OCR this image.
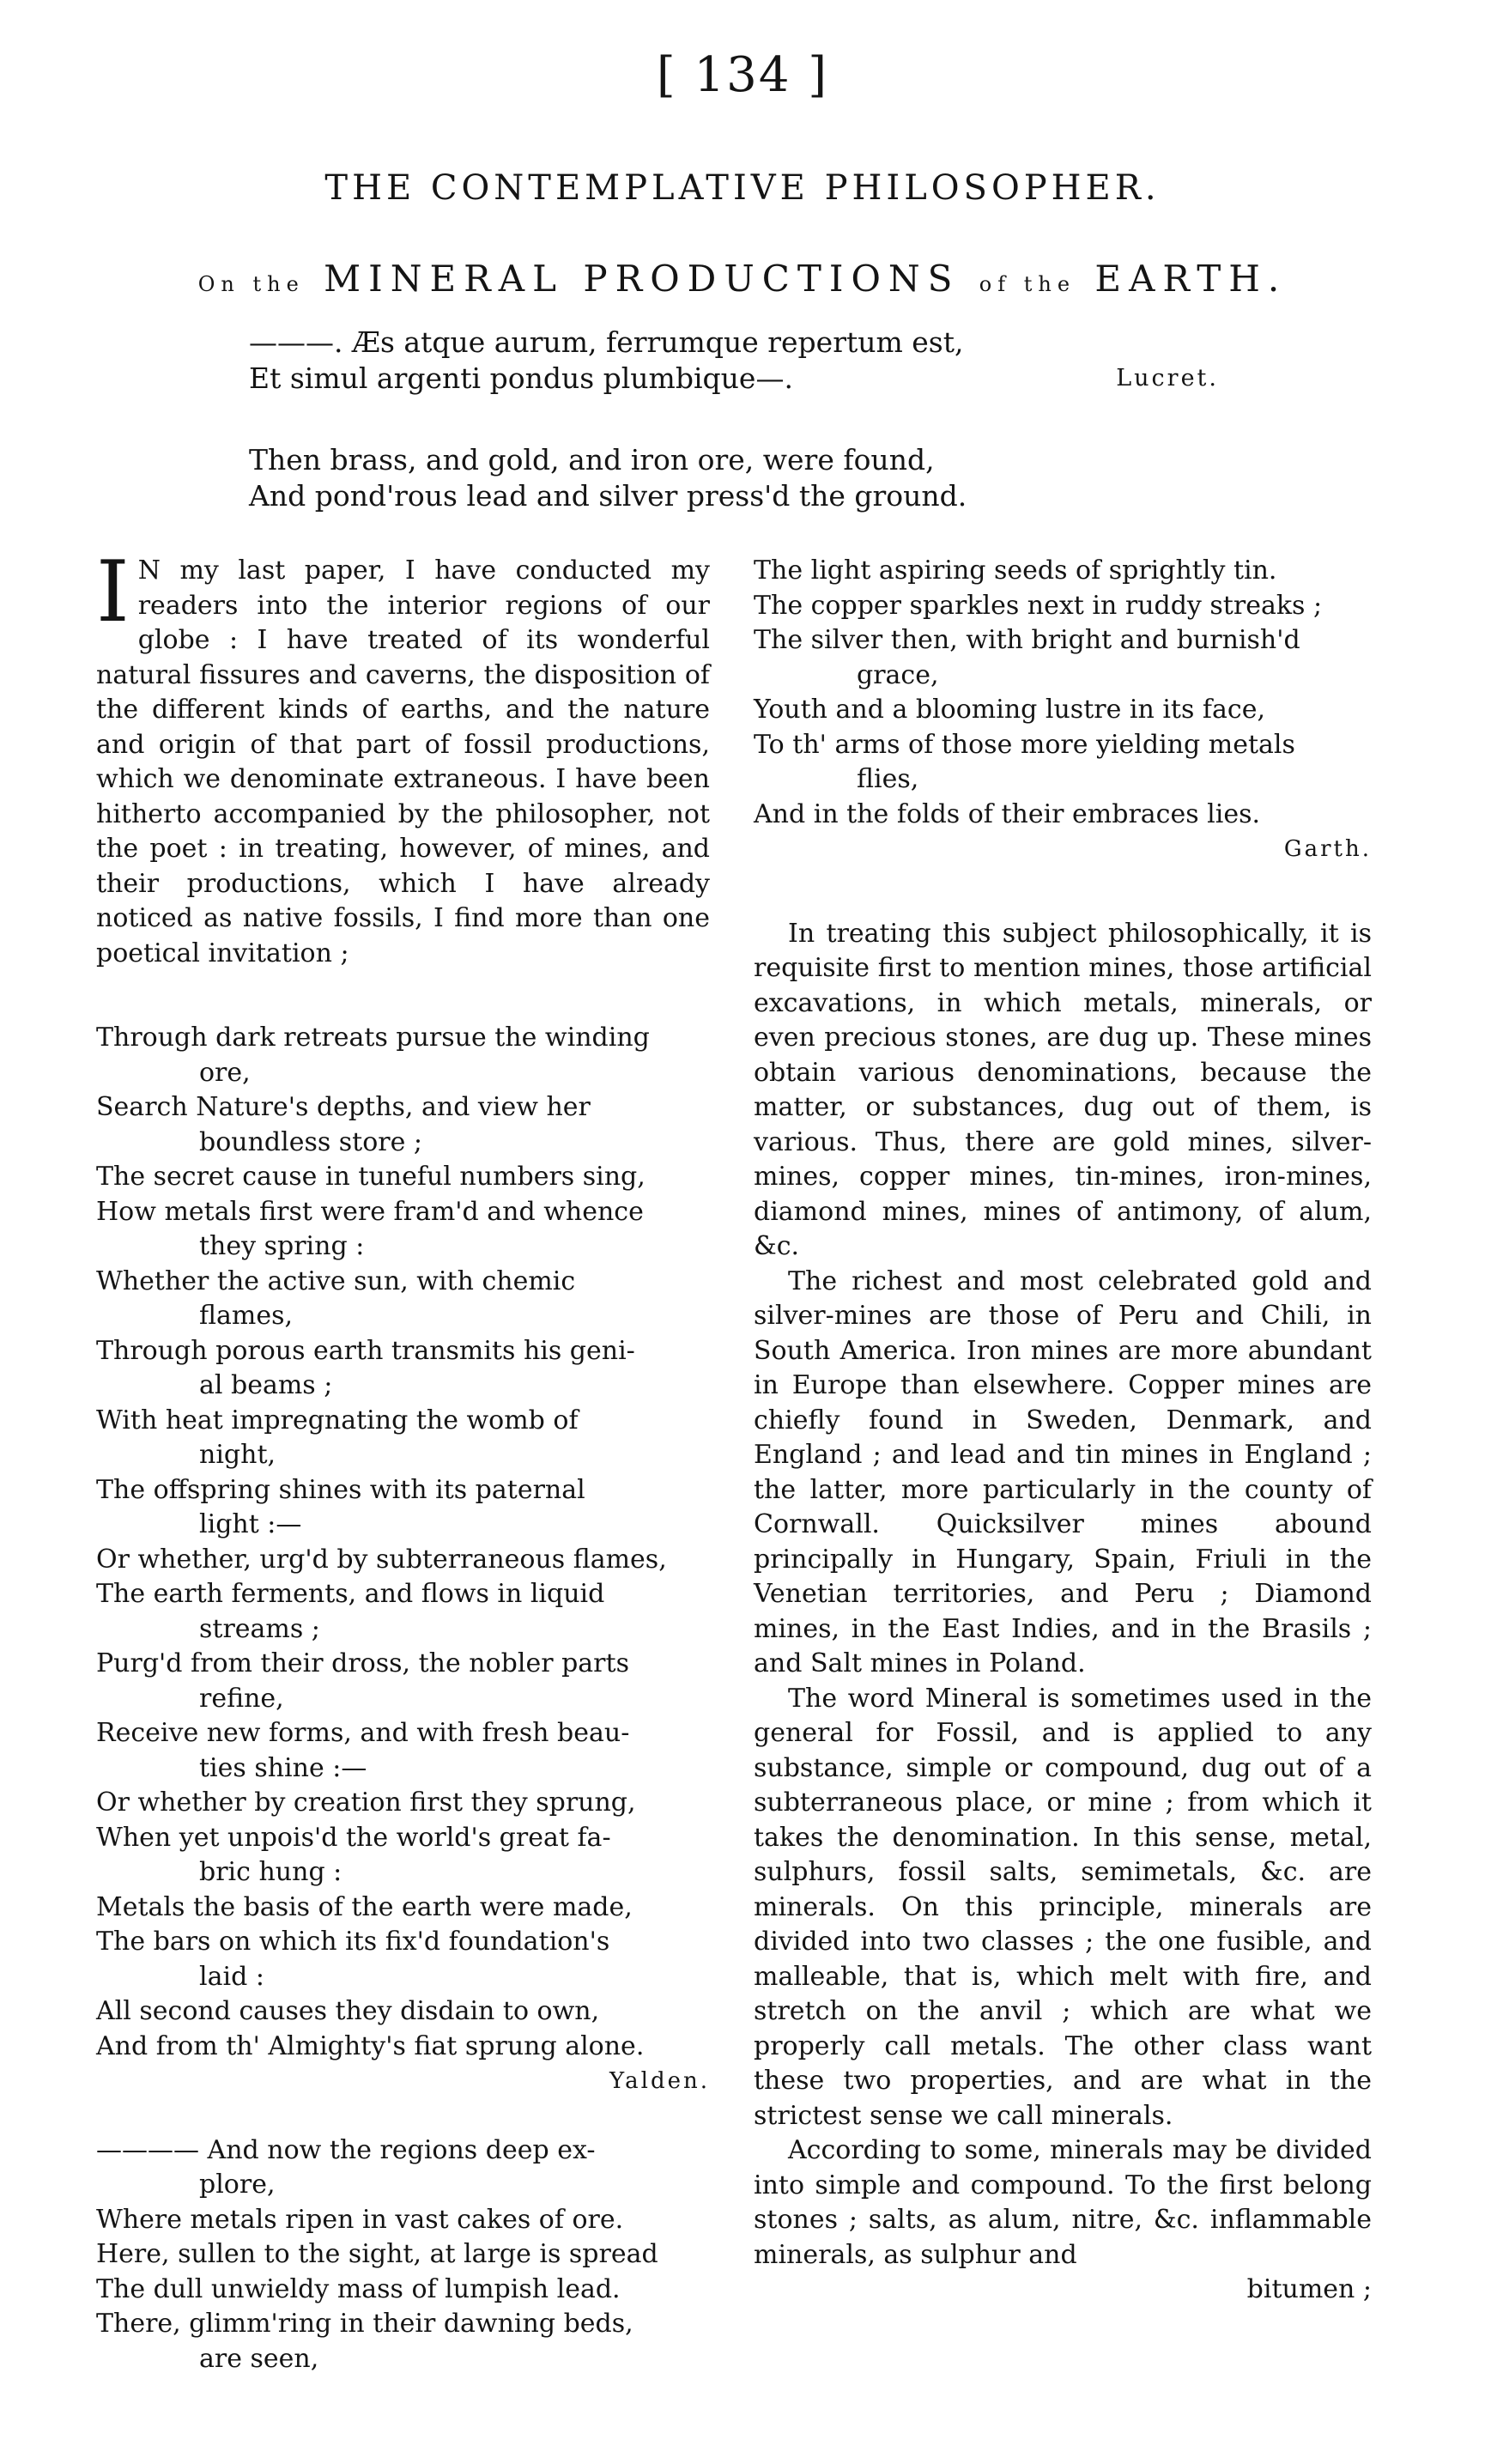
[ 134 ]
THE CONTEMPLATIVE PHILOSOPHER.
On the MINERAL PRODUCTIONS of the EARTH.
———. Æs atque aurum, ferrumque repertum est,
Et simul argenti pondus plumbique—.	Lucret.
Then brass, and gold, and iron ore, were found,
And pond'rous lead and silver press'd the ground.

I N my last paper, I have conducted my readers into the interior regions of our globe : I have treated of its wonderful natural fissures and caverns, the disposition of the different kinds of earths, and the nature and origin of that part of fossil productions, which we denominate extraneous. I have been hitherto accompanied by the philosopher, not the poet : in treating, however, of mines, and their productions, which I have already noticed as native fossils, I find more than one poetical invitation ;

Through dark retreats pursue the winding
ore,
Search Nature's depths, and view her
boundless store ;
The secret cause in tuneful numbers sing,
How metals first were fram'd and whence
they spring :
Whether the active sun, with chemic
flames,
Through porous earth transmits his geni-
al beams ;
With heat impregnating the womb of
night,
The offspring shines with its paternal
light :—
Or whether, urg'd by subterraneous flames,
The earth ferments, and flows in liquid
streams ;
Purg'd from their dross, the nobler parts
refine,
Receive new forms, and with fresh beau-
ties shine :—
Or whether by creation first they sprung,
When yet unpois'd the world's great fa-
bric hung :
Metals the basis of the earth were made,
The bars on which its fix'd foundation's
laid :
All second causes they disdain to own,
And from th' Almighty's fiat sprung alone.

Yalden.

———— And now the regions deep ex-
plore,
Where metals ripen in vast cakes of ore.
Here, sullen to the sight, at large is spread
The dull unwieldy mass of lumpish lead.
There, glimm'ring in their dawning beds,
are seen,
The light aspiring seeds of sprightly tin.
The copper sparkles next in ruddy streaks ;
The silver then, with bright and burnish'd
grace,
Youth and a blooming lustre in its face,
To th' arms of those more yielding metals
flies,
And in the folds of their embraces lies.

Garth.

In treating this subject philosophically, it is requisite first to mention mines, those artificial excavations, in which metals, minerals, or even precious stones, are dug up. These mines obtain various denominations, because the matter, or substances, dug out of them, is various. Thus, there are gold mines, silver-mines, copper mines, tin-mines, iron-mines, diamond mines, mines of antimony, of alum, &c.

The richest and most celebrated gold and silver-mines are those of Peru and Chili, in South America. Iron mines are more abundant in Europe than elsewhere. Copper mines are chiefly found in Sweden, Denmark, and England ; and lead and tin mines in England ; the latter, more particularly in the county of Cornwall. Quicksilver mines abound principally in Hungary, Spain, Friuli in the Venetian territories, and Peru ; Diamond mines, in the East Indies, and in the Brasils ; and Salt mines in Poland.

The word Mineral is sometimes used in the general for Fossil, and is applied to any substance, simple or compound, dug out of a subterraneous place, or mine ; from which it takes the denomination. In this sense, metal, sulphurs, fossil salts, semimetals, &c. are minerals. On this principle, minerals are divided into two classes ; the one fusible, and malleable, that is, which melt with fire, and stretch on the anvil ; which are what we properly call metals. The other class want these two properties, and are what in the strictest sense we call minerals.

According to some, minerals may be divided into simple and compound. To the first belong stones ; salts, as alum, nitre, &c. inflammable minerals, as sulphur and

bitumen ;
